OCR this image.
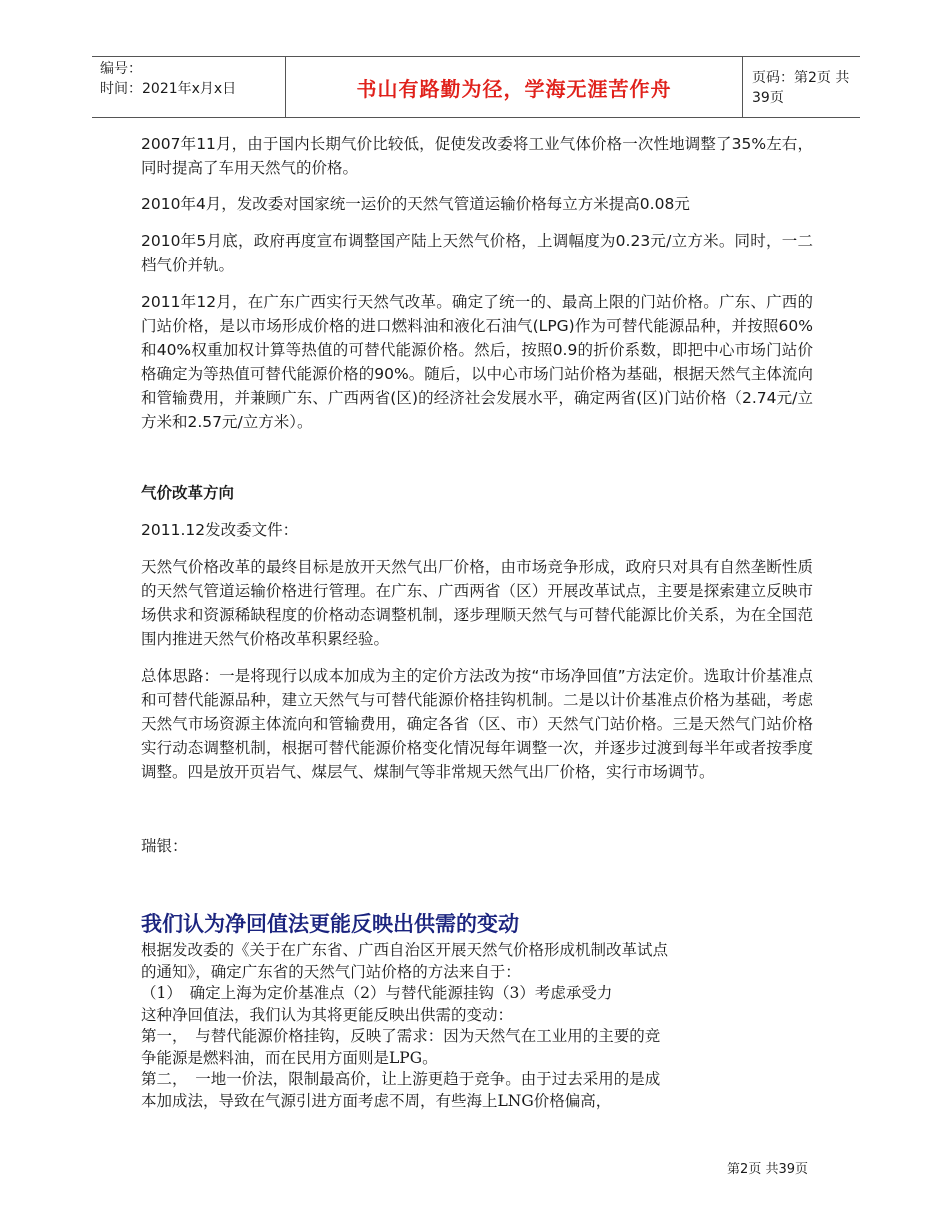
编号：
时间：2021年x月x日	书山有路勤为径，学海无涯苦作舟	页码：第2页 共39页

2007年11月，由于国内长期气价比较低，促使发改委将工业气体价格一次性地调整了35%左右，同时提高了车用天然气的价格。

2010年4月，发改委对国家统一运价的天然气管道运输价格每立方米提高0.08元

2010年5月底，政府再度宣布调整国产陆上天然气价格，上调幅度为0.23元/立方米。同时，一二档气价并轨。

2011年12月，在广东广西实行天然气改革。确定了统一的、最高上限的门站价格。广东、广西的门站价格，是以市场形成价格的进口燃料油和液化石油气(LPG)作为可替代能源品种，并按照60%和40%权重加权计算等热值的可替代能源价格。然后，按照0.9的折价系数，即把中心市场门站价格确定为等热值可替代能源价格的90%。随后，以中心市场门站价格为基础，根据天然气主体流向和管输费用，并兼顾广东、广西两省(区)的经济社会发展水平，确定两省(区)门站价格（2.74元/立方米和2.57元/立方米）。

气价改革方向

2011.12发改委文件：

天然气价格改革的最终目标是放开天然气出厂价格，由市场竞争形成，政府只对具有自然垄断性质的天然气管道运输价格进行管理。在广东、广西两省（区）开展改革试点，主要是探索建立反映市场供求和资源稀缺程度的价格动态调整机制，逐步理顺天然气与可替代能源比价关系，为在全国范围内推进天然气价格改革积累经验。

总体思路：一是将现行以成本加成为主的定价方法改为按“市场净回值”方法定价。选取计价基准点和可替代能源品种，建立天然气与可替代能源价格挂钩机制。二是以计价基准点价格为基础，考虑天然气市场资源主体流向和管输费用，确定各省（区、市）天然气门站价格。三是天然气门站价格实行动态调整机制，根据可替代能源价格变化情况每年调整一次，并逐步过渡到每半年或者按季度调整。四是放开页岩气、煤层气、煤制气等非常规天然气出厂价格，实行市场调节。

瑞银：

我们认为净回值法更能反映出供需的变动

根据发改委的《关于在广东省、广西自治区开展天然气价格形成机制改革试点

的通知》，确定广东省的天然气门站价格的方法来自于：

（1）　确定上海为定价基准点（2）与替代能源挂钩（3）考虑承受力

这种净回值法，我们认为其将更能反映出供需的变动：

第一，　与替代能源价格挂钩，反映了需求：因为天然气在工业用的主要的竞

争能源是燃料油，而在民用方面则是LPG。

第二，　一地一价法，限制最高价，让上游更趋于竞争。由于过去采用的是成

本加成法，导致在气源引进方面考虑不周，有些海上LNG价格偏高，

第2页 共39页
